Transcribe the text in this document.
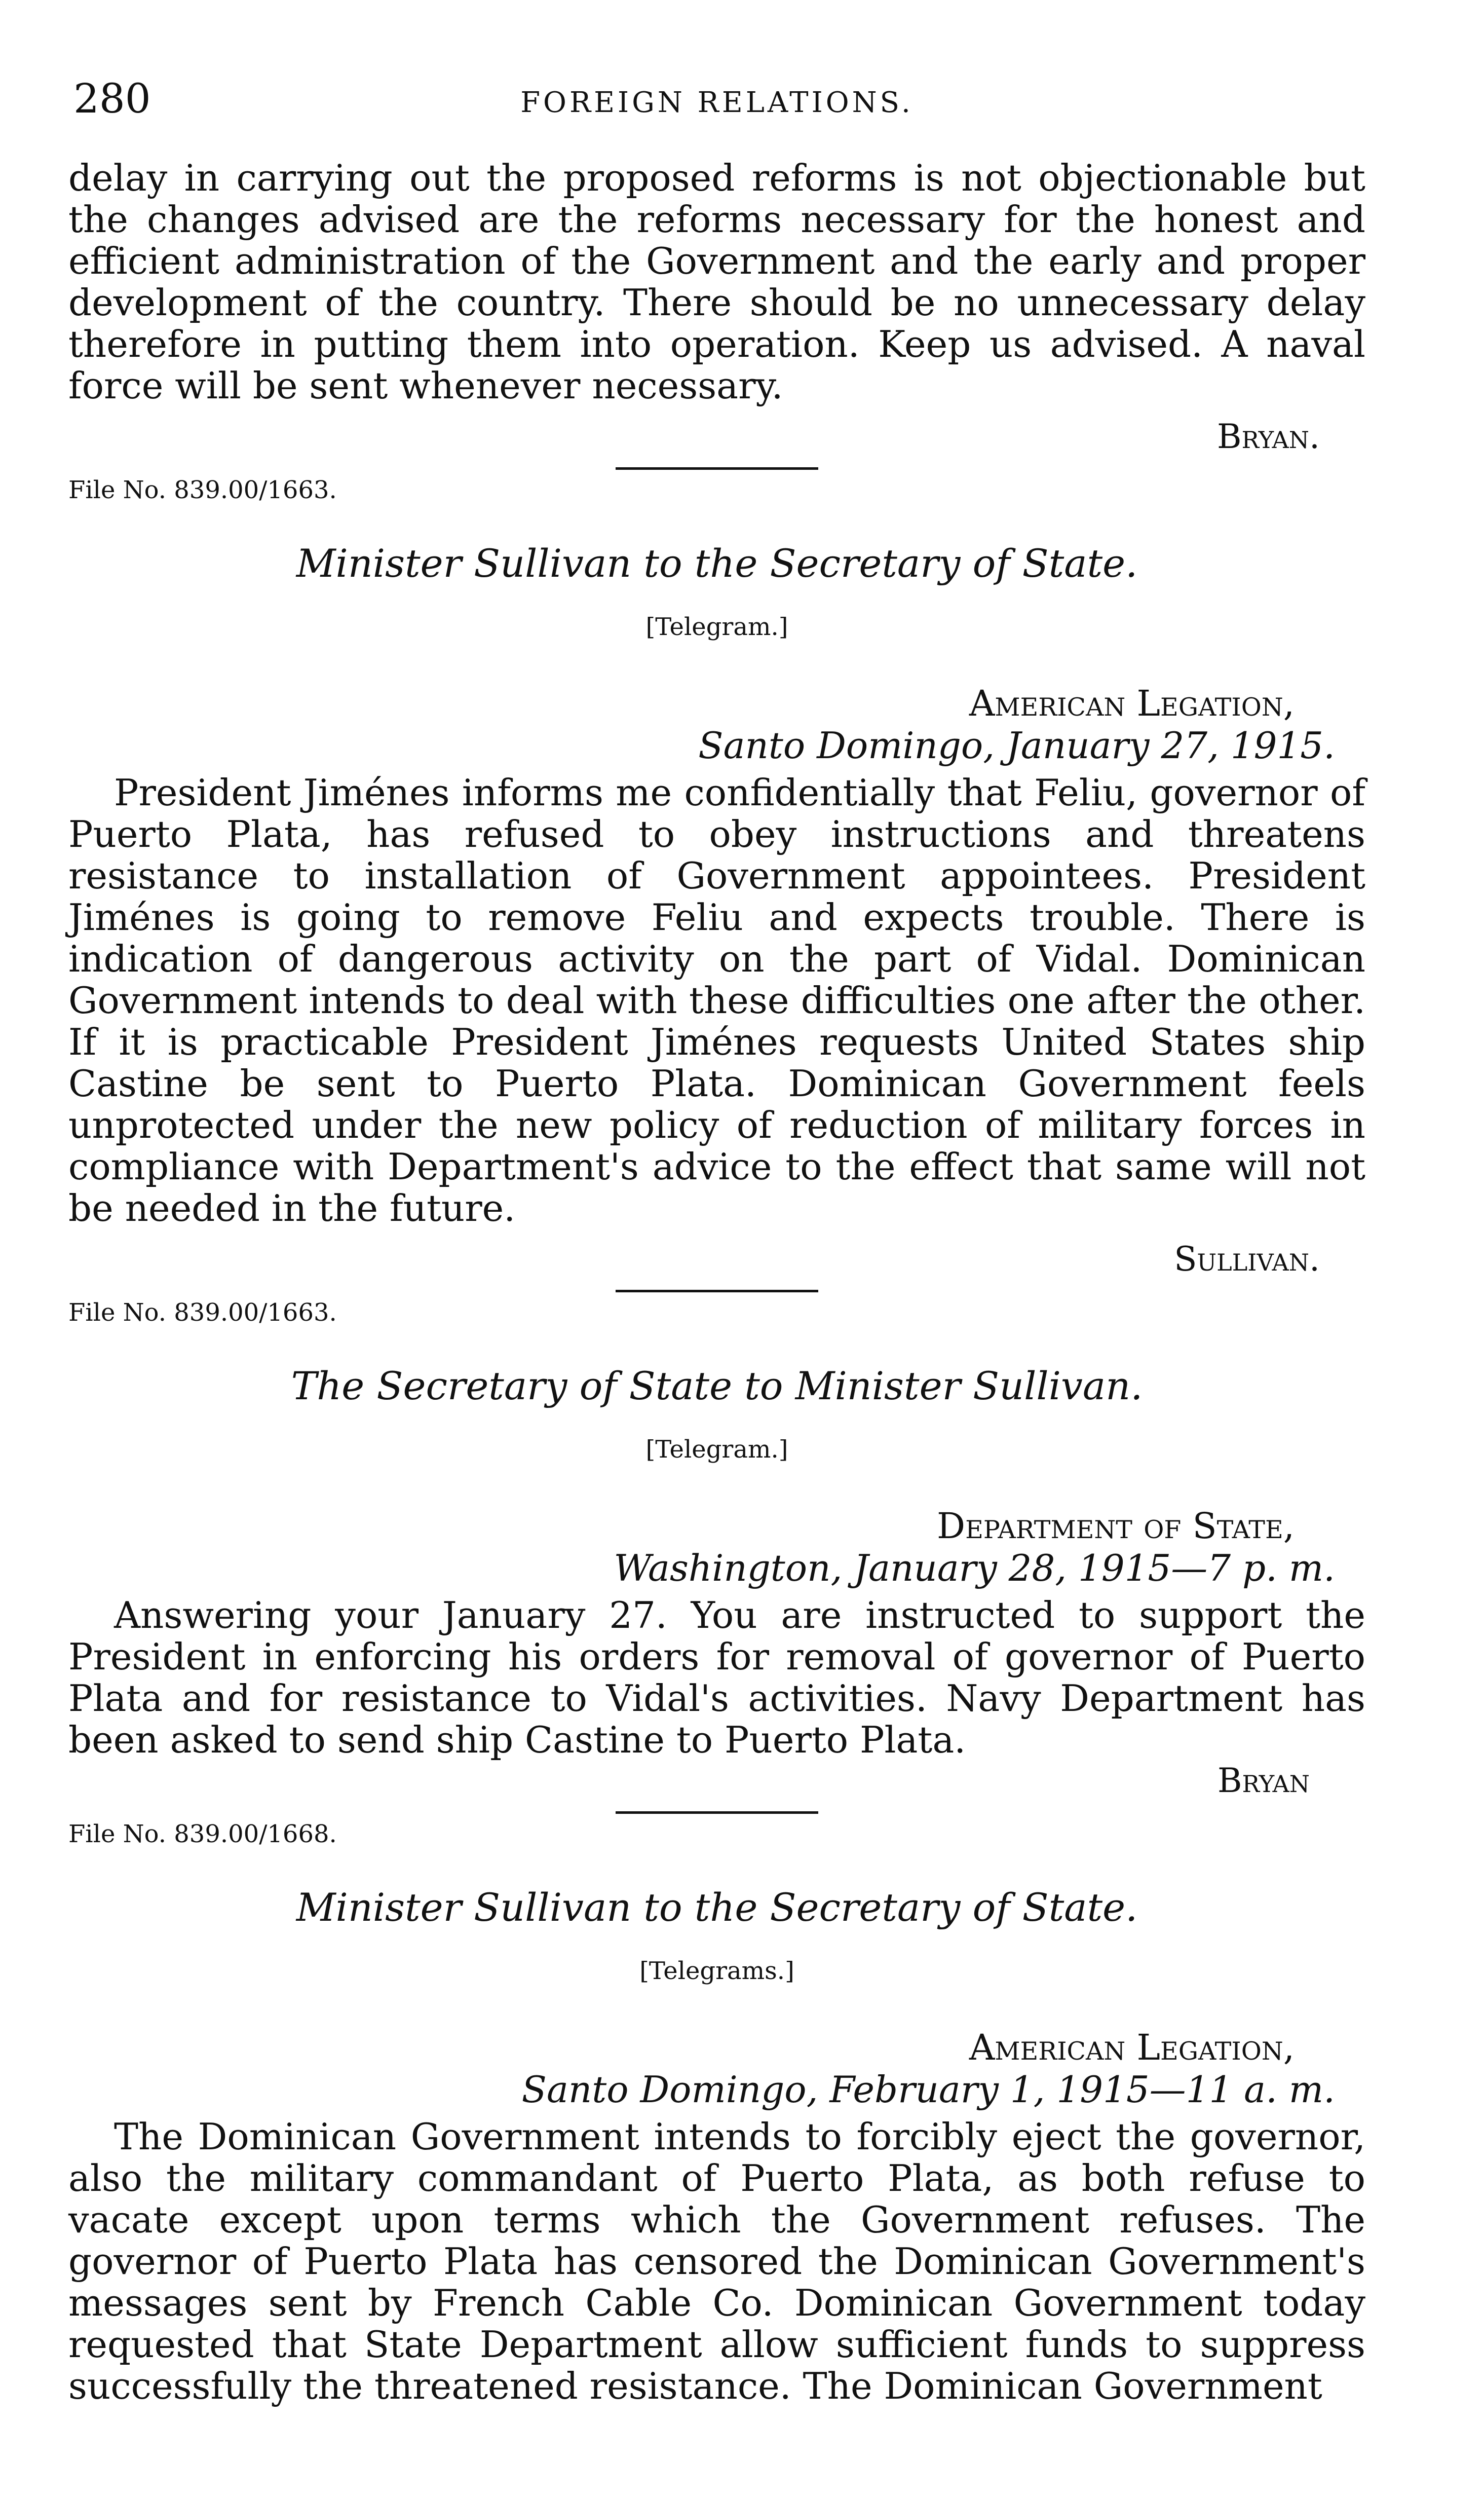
280	FOREIGN RELATIONS.

delay in carrying out the proposed reforms is not objectionable but the changes advised are the reforms necessary for the honest and efficient administration of the Government and the early and proper development of the country. There should be no unnecessary delay therefore in putting them into operation. Keep us advised. A naval force will be sent whenever necessary.

Bryan.
File No. 839.00/1663.
Minister Sullivan to the Secretary of State.
[Telegram.]
American Legation,
Santo Domingo, January 27, 1915.

President Jiménes informs me confidentially that Feliu, governor of Puerto Plata, has refused to obey instructions and threatens resistance to installation of Government appointees. President Jiménes is going to remove Feliu and expects trouble. There is indication of dangerous activity on the part of Vidal. Dominican Government intends to deal with these difficulties one after the other. If it is practicable President Jiménes requests United States ship Castine be sent to Puerto Plata. Dominican Government feels unprotected under the new policy of reduction of military forces in compliance with Department's advice to the effect that same will not be needed in the future.

Sullivan.
File No. 839.00/1663.
The Secretary of State to Minister Sullivan.
[Telegram.]
Department of State,
Washington, January 28, 1915—7 p. m.

Answering your January 27. You are instructed to support the President in enforcing his orders for removal of governor of Puerto Plata and for resistance to Vidal's activities. Navy Department has been asked to send ship Castine to Puerto Plata.

Bryan
File No. 839.00/1668.
Minister Sullivan to the Secretary of State.
[Telegrams.]
American Legation,
Santo Domingo, February 1, 1915—11 a. m.

The Dominican Government intends to forcibly eject the governor, also the military commandant of Puerto Plata, as both refuse to vacate except upon terms which the Government refuses. The governor of Puerto Plata has censored the Dominican Government's messages sent by French Cable Co. Dominican Government today requested that State Department allow sufficient funds to suppress successfully the threatened resistance. The Dominican Government
